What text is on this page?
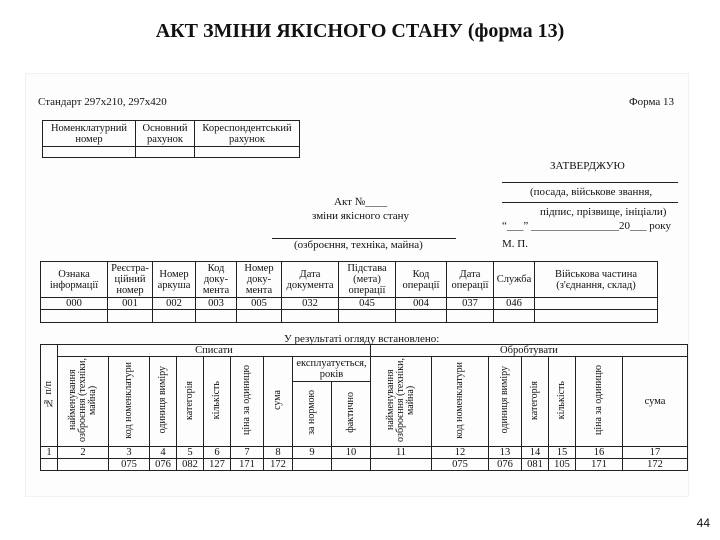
АКТ ЗМІНИ ЯКІСНОГО СТАНУ (форма 13)
Стандарт 297х210, 297х420	Форма 13
Номенклатурний номер	Основний рахунок	Кореспондентський рахунок

ЗАТВЕРДЖУЮ
(посада, військове звання,
підпис, прізвище, ініціали)
“___” ________________20___ року
М. П.
Акт №____
зміни якісного стану
(озброєння, техніка, майна)
Ознака інформації	Реєстра- ційний номер	Номер аркуша	Код доку- мента	Номер доку- мента	Дата документа	Підстава (мета) операції	Код операції	Дата операції	Служба	Військова частина (з'єднання, склад)
000	001	002	003	005	032	045	004	037	046	

У результаті огляду встановлено:
№ п/п	Списати									Обробтувати						
	найменування озброєння (техніки, майна)	код номенклатури	одиниця виміру	категорія	кількість	ціна за одиницю	сума	експлуатується, років		найменування озброєння (техніки, майна)	код номенклатури	одиниця виміру	категорія	кількість	ціна за одиницю	сума
								за нормою	фактично							
1	2	3	4	5	6	7	8	9	10	11	12	13	14	15	16	17
		075	076	082	127	171	172				075	076	081	105	171	172
44
